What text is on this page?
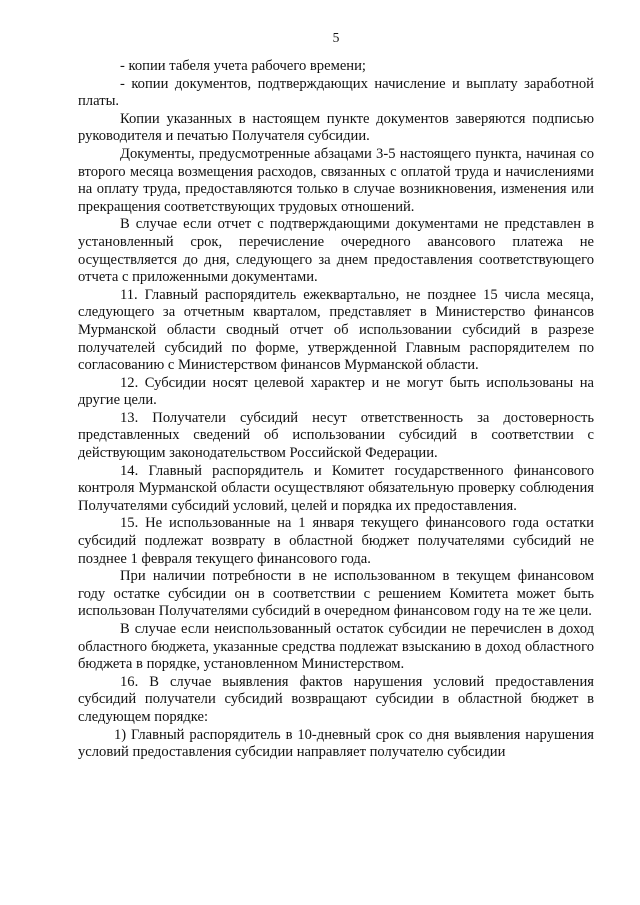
5

- копии табеля учета рабочего времени;

- копии документов, подтверждающих начисление и выплату заработной платы.

Копии указанных в настоящем пункте документов заверяются подписью руководителя и печатью Получателя субсидии.

Документы, предусмотренные абзацами 3-5 настоящего пункта, начиная со второго месяца возмещения расходов, связанных с оплатой труда и начислениями на оплату труда, предоставляются только в случае возникновения, изменения или прекращения соответствующих трудовых отношений.

В случае если отчет с подтверждающими документами не представлен в установленный срок, перечисление очередного авансового платежа не осуществляется до дня, следующего за днем предоставления соответствующего отчета с приложенными документами.

11. Главный распорядитель ежеквартально, не позднее 15 числа месяца, следующего за отчетным кварталом, представляет в Министерство финансов Мурманской области сводный отчет об использовании субсидий в разрезе получателей субсидий по форме, утвержденной Главным распорядителем по согласованию с Министерством финансов Мурманской области.

12. Субсидии носят целевой характер и не могут быть использованы на другие цели.

13. Получатели субсидий несут ответственность за достоверность представленных сведений об использовании субсидий в соответствии с действующим законодательством Российской Федерации.

14. Главный распорядитель и Комитет государственного финансового контроля Мурманской области осуществляют обязательную проверку соблюдения Получателями субсидий условий, целей и порядка их предоставления.

15. Не использованные на 1 января текущего финансового года остатки субсидий подлежат возврату в областной бюджет получателями субсидий не позднее 1 февраля текущего финансового года.

При наличии потребности в не использованном в текущем финансовом году остатке субсидии он в соответствии с решением Комитета может быть использован Получателями субсидий в очередном финансовом году на те же цели.

В случае если неиспользованный остаток субсидии не перечислен в доход областного бюджета, указанные средства подлежат взысканию в доход областного бюджета в порядке, установленном Министерством.

16. В случае выявления фактов нарушения условий предоставления субсидий получатели субсидий возвращают субсидии в областной бюджет в следующем порядке:

1) Главный распорядитель в 10-дневный срок со дня выявления нарушения условий предоставления субсидии направляет получателю субсидии
